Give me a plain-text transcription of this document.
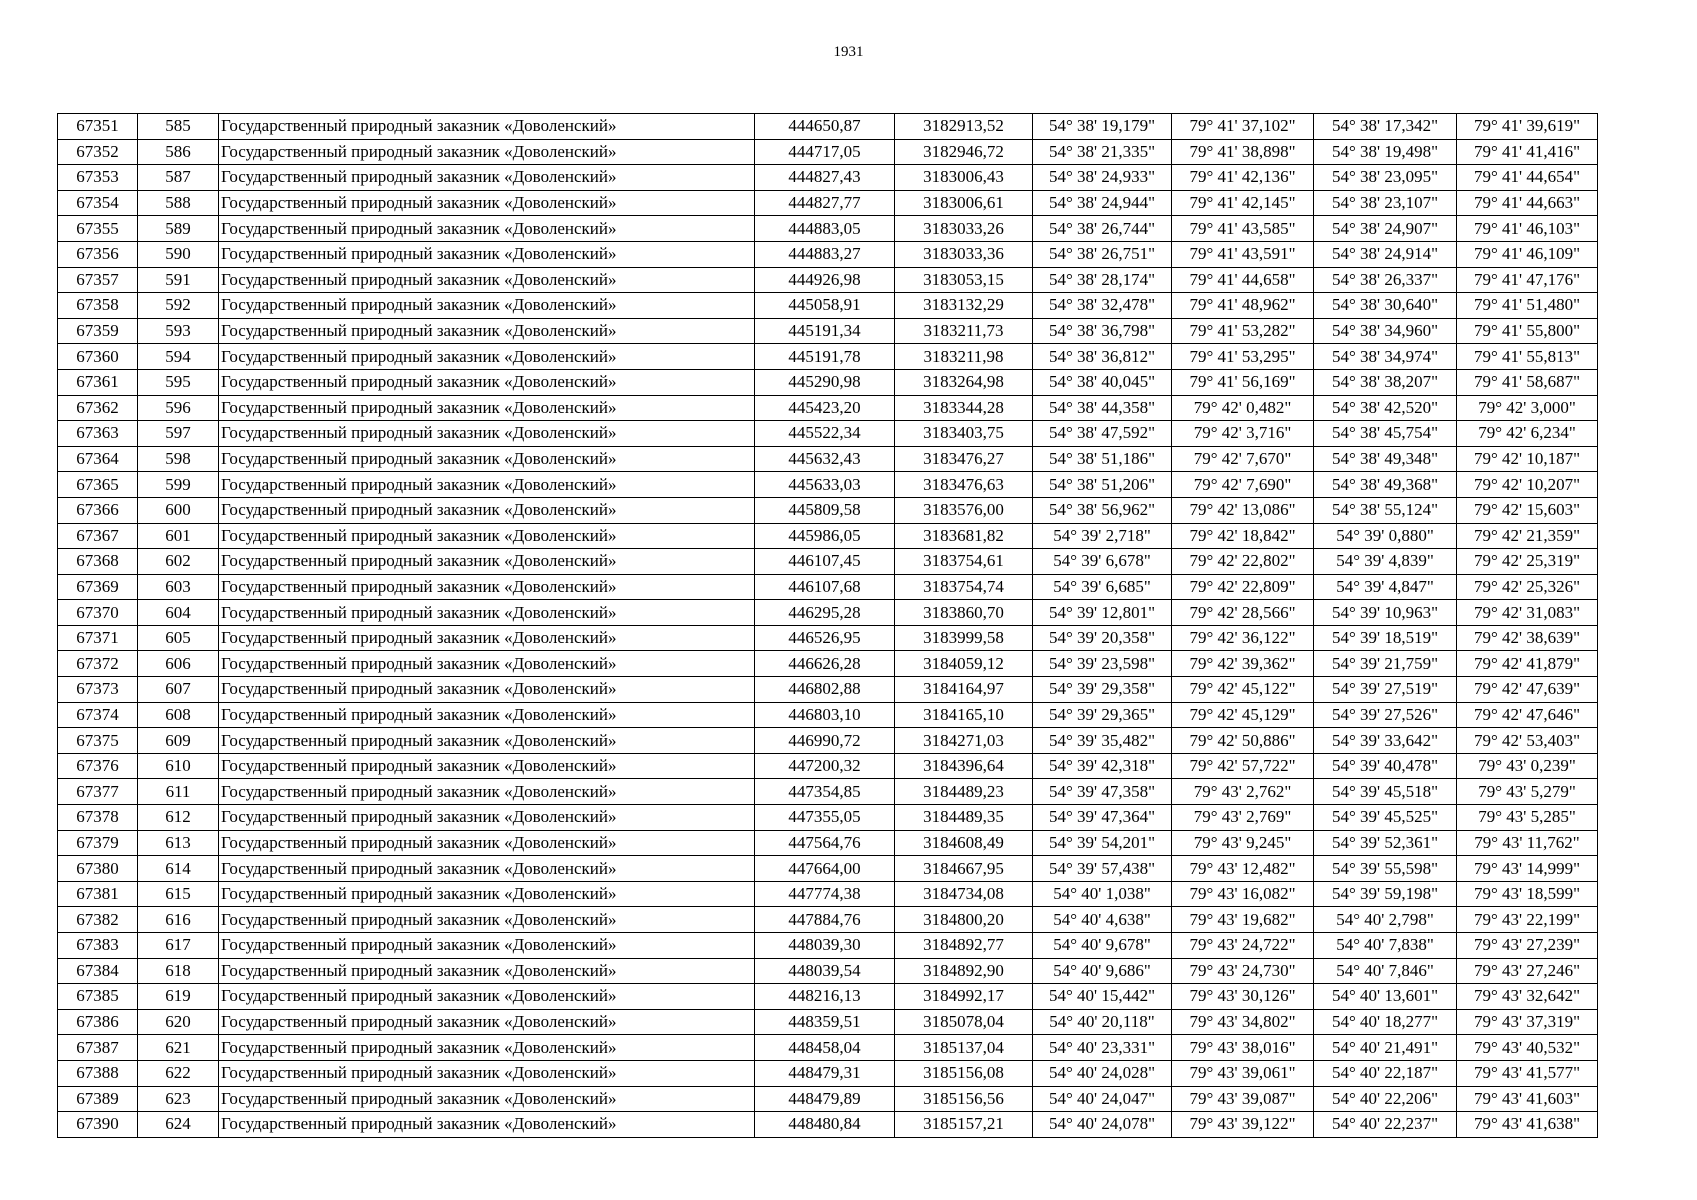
1931
67351	585	Государственный природный заказник «Доволенский»	444650,87	3182913,52	54° 38' 19,179"	79° 41' 37,102"	54° 38' 17,342"	79° 41' 39,619"
67352	586	Государственный природный заказник «Доволенский»	444717,05	3182946,72	54° 38' 21,335"	79° 41' 38,898"	54° 38' 19,498"	79° 41' 41,416"
67353	587	Государственный природный заказник «Доволенский»	444827,43	3183006,43	54° 38' 24,933"	79° 41' 42,136"	54° 38' 23,095"	79° 41' 44,654"
67354	588	Государственный природный заказник «Доволенский»	444827,77	3183006,61	54° 38' 24,944"	79° 41' 42,145"	54° 38' 23,107"	79° 41' 44,663"
67355	589	Государственный природный заказник «Доволенский»	444883,05	3183033,26	54° 38' 26,744"	79° 41' 43,585"	54° 38' 24,907"	79° 41' 46,103"
67356	590	Государственный природный заказник «Доволенский»	444883,27	3183033,36	54° 38' 26,751"	79° 41' 43,591"	54° 38' 24,914"	79° 41' 46,109"
67357	591	Государственный природный заказник «Доволенский»	444926,98	3183053,15	54° 38' 28,174"	79° 41' 44,658"	54° 38' 26,337"	79° 41' 47,176"
67358	592	Государственный природный заказник «Доволенский»	445058,91	3183132,29	54° 38' 32,478"	79° 41' 48,962"	54° 38' 30,640"	79° 41' 51,480"
67359	593	Государственный природный заказник «Доволенский»	445191,34	3183211,73	54° 38' 36,798"	79° 41' 53,282"	54° 38' 34,960"	79° 41' 55,800"
67360	594	Государственный природный заказник «Доволенский»	445191,78	3183211,98	54° 38' 36,812"	79° 41' 53,295"	54° 38' 34,974"	79° 41' 55,813"
67361	595	Государственный природный заказник «Доволенский»	445290,98	3183264,98	54° 38' 40,045"	79° 41' 56,169"	54° 38' 38,207"	79° 41' 58,687"
67362	596	Государственный природный заказник «Доволенский»	445423,20	3183344,28	54° 38' 44,358"	79° 42' 0,482"	54° 38' 42,520"	79° 42' 3,000"
67363	597	Государственный природный заказник «Доволенский»	445522,34	3183403,75	54° 38' 47,592"	79° 42' 3,716"	54° 38' 45,754"	79° 42' 6,234"
67364	598	Государственный природный заказник «Доволенский»	445632,43	3183476,27	54° 38' 51,186"	79° 42' 7,670"	54° 38' 49,348"	79° 42' 10,187"
67365	599	Государственный природный заказник «Доволенский»	445633,03	3183476,63	54° 38' 51,206"	79° 42' 7,690"	54° 38' 49,368"	79° 42' 10,207"
67366	600	Государственный природный заказник «Доволенский»	445809,58	3183576,00	54° 38' 56,962"	79° 42' 13,086"	54° 38' 55,124"	79° 42' 15,603"
67367	601	Государственный природный заказник «Доволенский»	445986,05	3183681,82	54° 39' 2,718"	79° 42' 18,842"	54° 39' 0,880"	79° 42' 21,359"
67368	602	Государственный природный заказник «Доволенский»	446107,45	3183754,61	54° 39' 6,678"	79° 42' 22,802"	54° 39' 4,839"	79° 42' 25,319"
67369	603	Государственный природный заказник «Доволенский»	446107,68	3183754,74	54° 39' 6,685"	79° 42' 22,809"	54° 39' 4,847"	79° 42' 25,326"
67370	604	Государственный природный заказник «Доволенский»	446295,28	3183860,70	54° 39' 12,801"	79° 42' 28,566"	54° 39' 10,963"	79° 42' 31,083"
67371	605	Государственный природный заказник «Доволенский»	446526,95	3183999,58	54° 39' 20,358"	79° 42' 36,122"	54° 39' 18,519"	79° 42' 38,639"
67372	606	Государственный природный заказник «Доволенский»	446626,28	3184059,12	54° 39' 23,598"	79° 42' 39,362"	54° 39' 21,759"	79° 42' 41,879"
67373	607	Государственный природный заказник «Доволенский»	446802,88	3184164,97	54° 39' 29,358"	79° 42' 45,122"	54° 39' 27,519"	79° 42' 47,639"
67374	608	Государственный природный заказник «Доволенский»	446803,10	3184165,10	54° 39' 29,365"	79° 42' 45,129"	54° 39' 27,526"	79° 42' 47,646"
67375	609	Государственный природный заказник «Доволенский»	446990,72	3184271,03	54° 39' 35,482"	79° 42' 50,886"	54° 39' 33,642"	79° 42' 53,403"
67376	610	Государственный природный заказник «Доволенский»	447200,32	3184396,64	54° 39' 42,318"	79° 42' 57,722"	54° 39' 40,478"	79° 43' 0,239"
67377	611	Государственный природный заказник «Доволенский»	447354,85	3184489,23	54° 39' 47,358"	79° 43' 2,762"	54° 39' 45,518"	79° 43' 5,279"
67378	612	Государственный природный заказник «Доволенский»	447355,05	3184489,35	54° 39' 47,364"	79° 43' 2,769"	54° 39' 45,525"	79° 43' 5,285"
67379	613	Государственный природный заказник «Доволенский»	447564,76	3184608,49	54° 39' 54,201"	79° 43' 9,245"	54° 39' 52,361"	79° 43' 11,762"
67380	614	Государственный природный заказник «Доволенский»	447664,00	3184667,95	54° 39' 57,438"	79° 43' 12,482"	54° 39' 55,598"	79° 43' 14,999"
67381	615	Государственный природный заказник «Доволенский»	447774,38	3184734,08	54° 40' 1,038"	79° 43' 16,082"	54° 39' 59,198"	79° 43' 18,599"
67382	616	Государственный природный заказник «Доволенский»	447884,76	3184800,20	54° 40' 4,638"	79° 43' 19,682"	54° 40' 2,798"	79° 43' 22,199"
67383	617	Государственный природный заказник «Доволенский»	448039,30	3184892,77	54° 40' 9,678"	79° 43' 24,722"	54° 40' 7,838"	79° 43' 27,239"
67384	618	Государственный природный заказник «Доволенский»	448039,54	3184892,90	54° 40' 9,686"	79° 43' 24,730"	54° 40' 7,846"	79° 43' 27,246"
67385	619	Государственный природный заказник «Доволенский»	448216,13	3184992,17	54° 40' 15,442"	79° 43' 30,126"	54° 40' 13,601"	79° 43' 32,642"
67386	620	Государственный природный заказник «Доволенский»	448359,51	3185078,04	54° 40' 20,118"	79° 43' 34,802"	54° 40' 18,277"	79° 43' 37,319"
67387	621	Государственный природный заказник «Доволенский»	448458,04	3185137,04	54° 40' 23,331"	79° 43' 38,016"	54° 40' 21,491"	79° 43' 40,532"
67388	622	Государственный природный заказник «Доволенский»	448479,31	3185156,08	54° 40' 24,028"	79° 43' 39,061"	54° 40' 22,187"	79° 43' 41,577"
67389	623	Государственный природный заказник «Доволенский»	448479,89	3185156,56	54° 40' 24,047"	79° 43' 39,087"	54° 40' 22,206"	79° 43' 41,603"
67390	624	Государственный природный заказник «Доволенский»	448480,84	3185157,21	54° 40' 24,078"	79° 43' 39,122"	54° 40' 22,237"	79° 43' 41,638"
